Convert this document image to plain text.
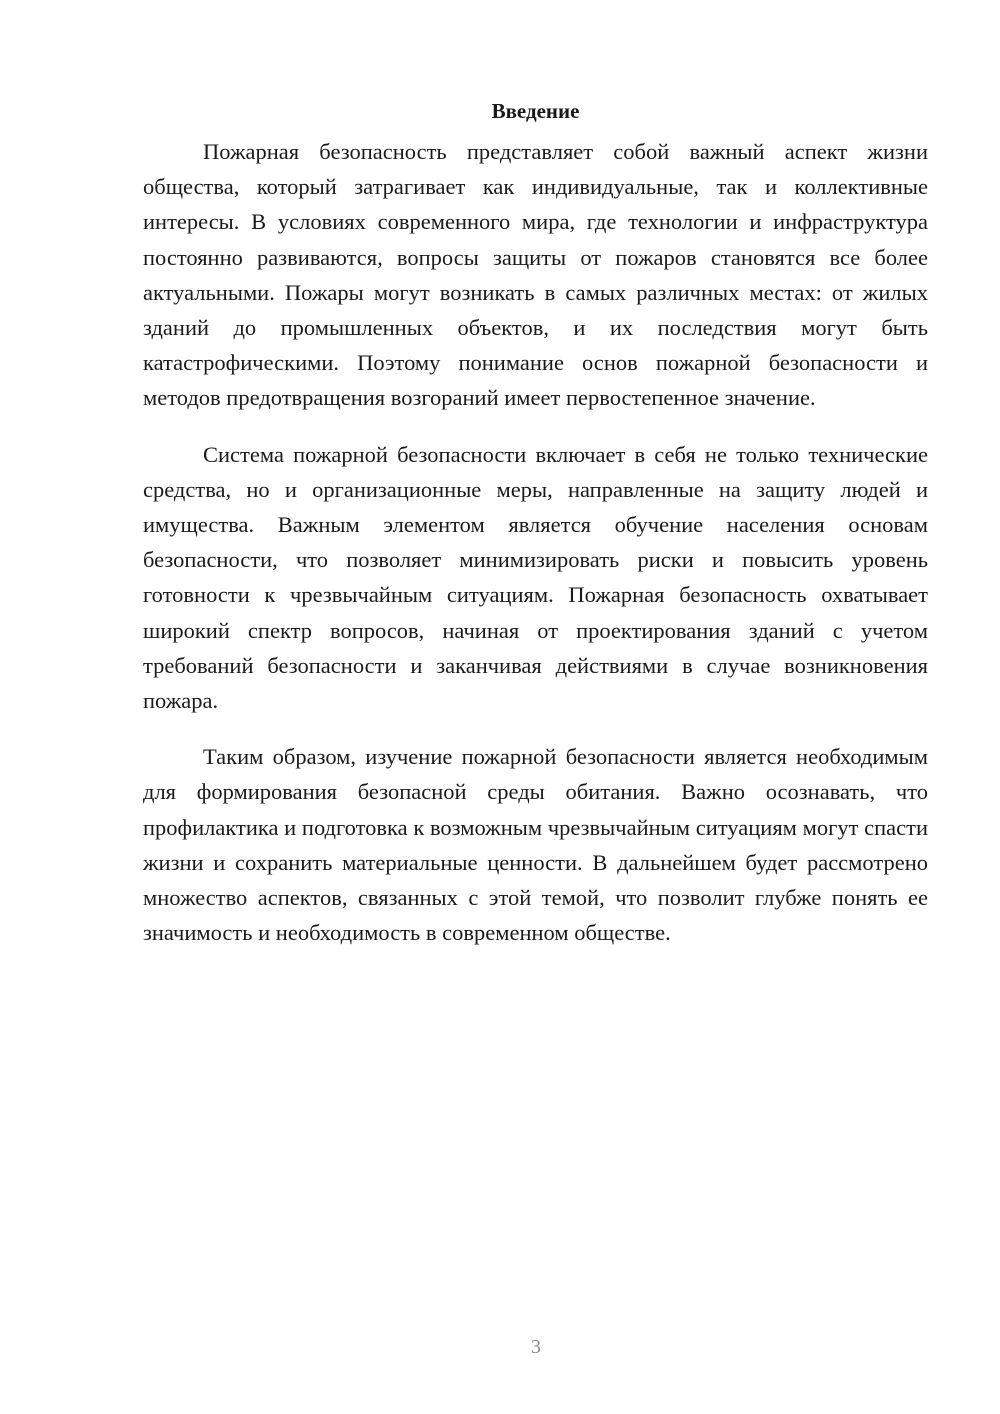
Введение

Пожарная безопасность представляет собой важный аспект жизни общества, который затрагивает как индивидуальные, так и коллективные интересы. В условиях современного мира, где технологии и инфраструктура постоянно развиваются, вопросы защиты от пожаров становятся все более актуальными. Пожары могут возникать в самых различных местах: от жилых зданий до промышленных объектов, и их последствия могут быть катастрофическими. Поэтому понимание основ пожарной безопасности и методов предотвращения возгораний имеет первостепенное значение.

Система пожарной безопасности включает в себя не только технические средства, но и организационные меры, направленные на защиту людей и имущества. Важным элементом является обучение населения основам безопасности, что позволяет минимизировать риски и повысить уровень готовности к чрезвычайным ситуациям. Пожарная безопасность охватывает широкий спектр вопросов, начиная от проектирования зданий с учетом требований безопасности и заканчивая действиями в случае возникновения пожара.

Таким образом, изучение пожарной безопасности является необходимым для формирования безопасной среды обитания. Важно осознавать, что профилактика и подготовка к возможным чрезвычайным ситуациям могут спасти жизни и сохранить материальные ценности. В дальнейшем будет рассмотрено множество аспектов, связанных с этой темой, что позволит глубже понять ее значимость и необходимость в современном обществе.

3
